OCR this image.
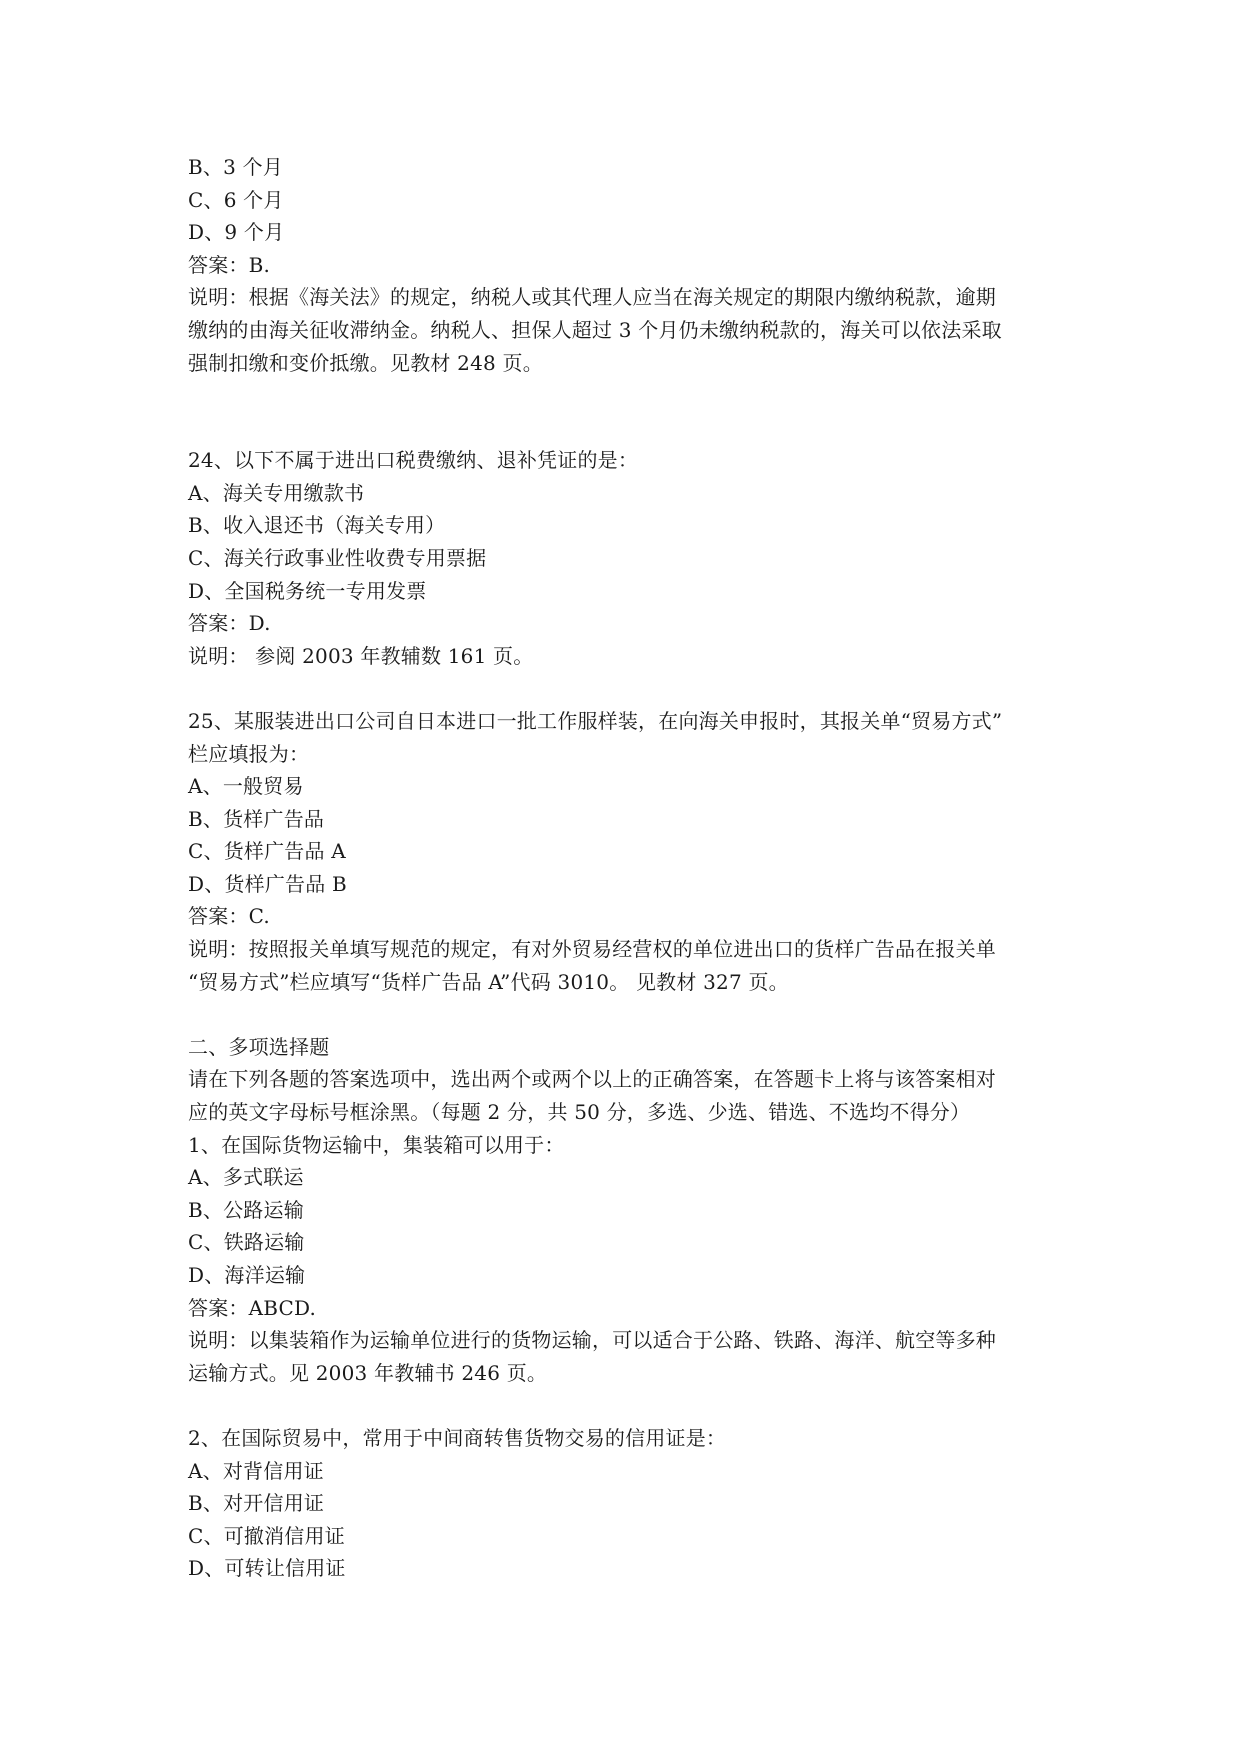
B、3 个月
C、6 个月
D、9 个月
答案：B.
说明：根据《海关法》的规定，纳税人或其代理人应当在海关规定的期限内缴纳税款，逾期
缴纳的由海关征收滞纳金。纳税人、担保人超过 3 个月仍未缴纳税款的，海关可以依法采取
强制扣缴和变价抵缴。见教材 248 页。
24、以下不属于进出口税费缴纳、退补凭证的是：
A、海关专用缴款书
B、收入退还书（海关专用）
C、海关行政事业性收费专用票据
D、全国税务统一专用发票
答案：D.
说明： 参阅 2003 年教辅数 161 页。
25、某服装进出口公司自日本进口一批工作服样装，在向海关申报时，其报关单“贸易方式”
栏应填报为：
A、一般贸易
B、货样广告品
C、货样广告品 A
D、货样广告品 B
答案：C.
说明：按照报关单填写规范的规定，有对外贸易经营权的单位进出口的货样广告品在报关单
“贸易方式”栏应填写“货样广告品 A”代码 3010。 见教材 327 页。
二、多项选择题
请在下列各题的答案选项中，选出两个或两个以上的正确答案，在答题卡上将与该答案相对
应的英文字母标号框涂黑。（每题 2 分，共 50 分，多选、少选、错选、不选均不得分）
1、在国际货物运输中，集装箱可以用于：
A、多式联运
B、公路运输
C、铁路运输
D、海洋运输
答案：ABCD.
说明：以集装箱作为运输单位进行的货物运输，可以适合于公路、铁路、海洋、航空等多种
运输方式。见 2003 年教辅书 246 页。
2、在国际贸易中，常用于中间商转售货物交易的信用证是：
A、对背信用证
B、对开信用证
C、可撤消信用证
D、可转让信用证
